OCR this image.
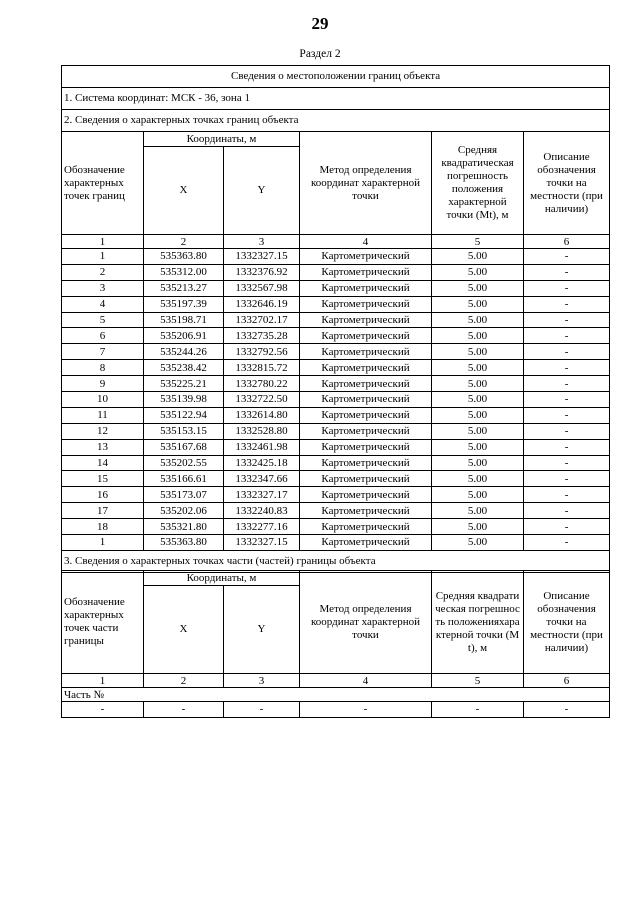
29
Раздел 2
Сведения о местоположении границ объекта					
1. Система координат: МСК - 36, зона 1					
2. Сведения о характерных точках границ объекта					
Обозначение характерных точек границ	Координаты, м		Метод определения координат характерной точки	Средняя квадратическая погрешность положения характерной точки (Mt), м	Описание обозначения точки на местности (при наличии)
	X	Y			
1	2	3	4	5	6
1	535363.80	1332327.15	Картометрический	5.00	-
2	535312.00	1332376.92	Картометрический	5.00	-
3	535213.27	1332567.98	Картометрический	5.00	-
4	535197.39	1332646.19	Картометрический	5.00	-
5	535198.71	1332702.17	Картометрический	5.00	-
6	535206.91	1332735.28	Картометрический	5.00	-
7	535244.26	1332792.56	Картометрический	5.00	-
8	535238.42	1332815.72	Картометрический	5.00	-
9	535225.21	1332780.22	Картометрический	5.00	-
10	535139.98	1332722.50	Картометрический	5.00	-
11	535122.94	1332614.80	Картометрический	5.00	-
12	535153.15	1332528.80	Картометрический	5.00	-
13	535167.68	1332461.98	Картометрический	5.00	-
14	535202.55	1332425.18	Картометрический	5.00	-
15	535166.61	1332347.66	Картометрический	5.00	-
16	535173.07	1332327.17	Картометрический	5.00	-
17	535202.06	1332240.83	Картометрический	5.00	-
18	535321.80	1332277.16	Картометрический	5.00	-
1	535363.80	1332327.15	Картометрический	5.00	-
3. Сведения о характерных точках части (частей) границы объекта					
Обозначение характерных точек части границы	Координаты, м		Метод определения координат характерной точки	Средняя квадратическая погрешность положенияхарактерной точки (Mt), м	Описание обозначения точки на местности (при наличии)
	X	Y			
1	2	3	4	5	6
Часть №					
-	-	-	-	-	-
